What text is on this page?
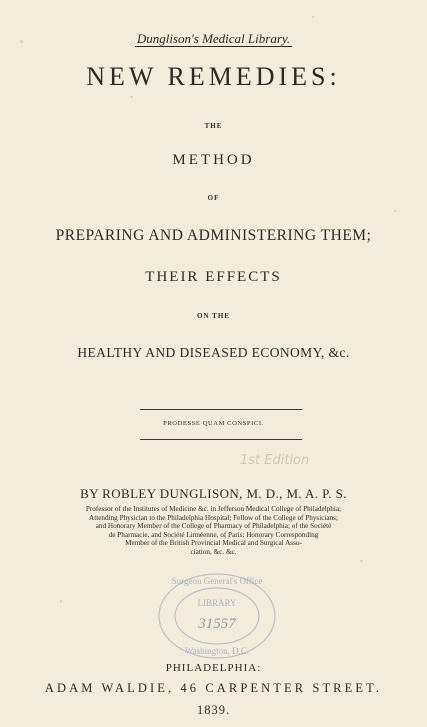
Dunglison's Medical Library.
NEW REMEDIES:
THE
METHOD
OF
PREPARING AND ADMINISTERING THEM;
THEIR EFFECTS
ON THE
HEALTHY AND DISEASED ECONOMY, &c.
PRODESSE QUAM CONSPICI.
1st Edition
BY ROBLEY DUNGLISON, M. D., M. A. P. S.
Professor of the Institutes of Medicine &c. in Jefferson Medical College of Philadelphia;
Attending Physician to the Philadelphia Hospital; Fellow of the College of Physicians;
and Honorary Member of the College of Pharmacy of Philadelphia; of the Société
de Pharmacie, and Société Linnéenne, of Paris; Honorary Corresponding
Member of the British Provincial Medical and Surgical Asso-
ciation, &c. &c.
Surgeon General's Office
LIBRARY
31557
Washington, D.C.
PHILADELPHIA:
ADAM WALDIE, 46 CARPENTER STREET.
1839.
